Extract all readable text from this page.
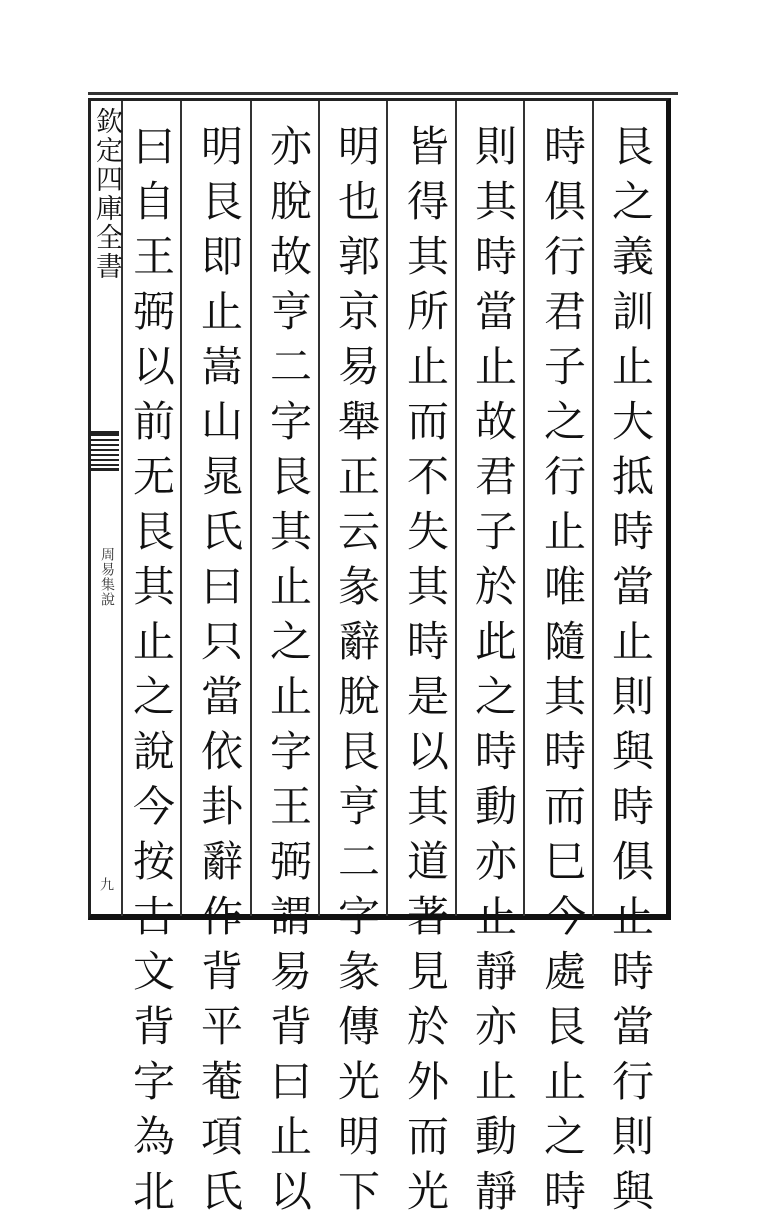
欽定四庫全書
周易集說
九	艮之義訓止大抵時當止則與時俱止時當行則與
時俱行君子之行止唯隨其時而巳今處艮止之時
則其時當止故君子於此之時動亦止靜亦止動靜
皆得其所止而不失其時是以其道著見於外而光
明也郭京易舉正云彖辭脫艮亨二字彖傳光明下
亦脫故亨二字艮其止之止字王弼謂易背曰止以
明艮即止嵩山晁氏曰只當依卦辭作背平菴項氏
曰自王弼以前无艮其止之說今按古文背字為北
